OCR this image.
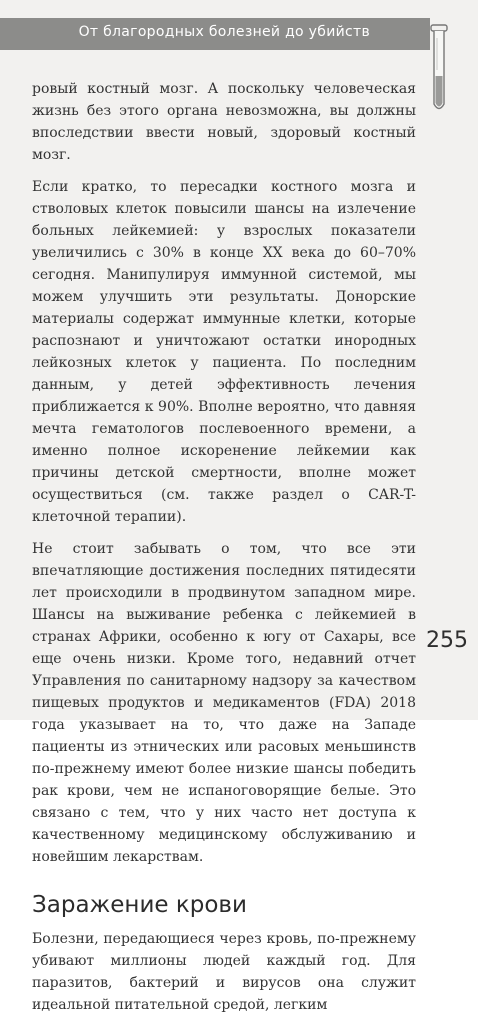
От благородных болезней до убийств

ровый костный мозг. А поскольку человеческая жизнь без этого органа невозможна, вы должны впоследствии ввести новый, здоровый костный мозг.

Если кратко, то пересадки костного мозга и стволовых клеток повысили шансы на излечение больных лейкемией: у взрослых показатели увеличились с 30% в конце XX века до 60–70% сегодня. Манипулируя иммунной системой, мы можем улучшить эти результаты. Донорские материалы содержат иммунные клетки, которые распознают и уничтожают остатки инородных лейкозных клеток у пациента. По последним данным, у детей эффективность лечения приближается к 90%. Вполне вероятно, что давняя мечта гематологов послевоенного времени, а именно полное искоренение лейкемии как причины детской смертности, вполне может осуществиться (см. также раздел о CAR-T-клеточной терапии).

Не стоит забывать о том, что все эти впечатляющие достижения последних пятидесяти лет происходили в продвинутом западном мире. Шансы на выживание ребенка с лейкемией в странах Африки, особенно к югу от Сахары, все еще очень низки. Кроме того, недавний отчет Управления по санитарному надзору за качеством пищевых продуктов и медикаментов (FDA) 2018 года указывает на то, что даже на Западе пациенты из этнических или расовых меньшинств по-прежнему имеют более низкие шансы победить рак крови, чем не испаноговорящие белые. Это связано с тем, что у них часто нет доступа к качественному медицинскому обслуживанию и новейшим лекарствам.

Заражение крови

Болезни, передающиеся через кровь, по-прежнему убивают миллионы людей каждый год. Для паразитов, бактерий и вирусов она служит идеальной питательной средой, легким

255
